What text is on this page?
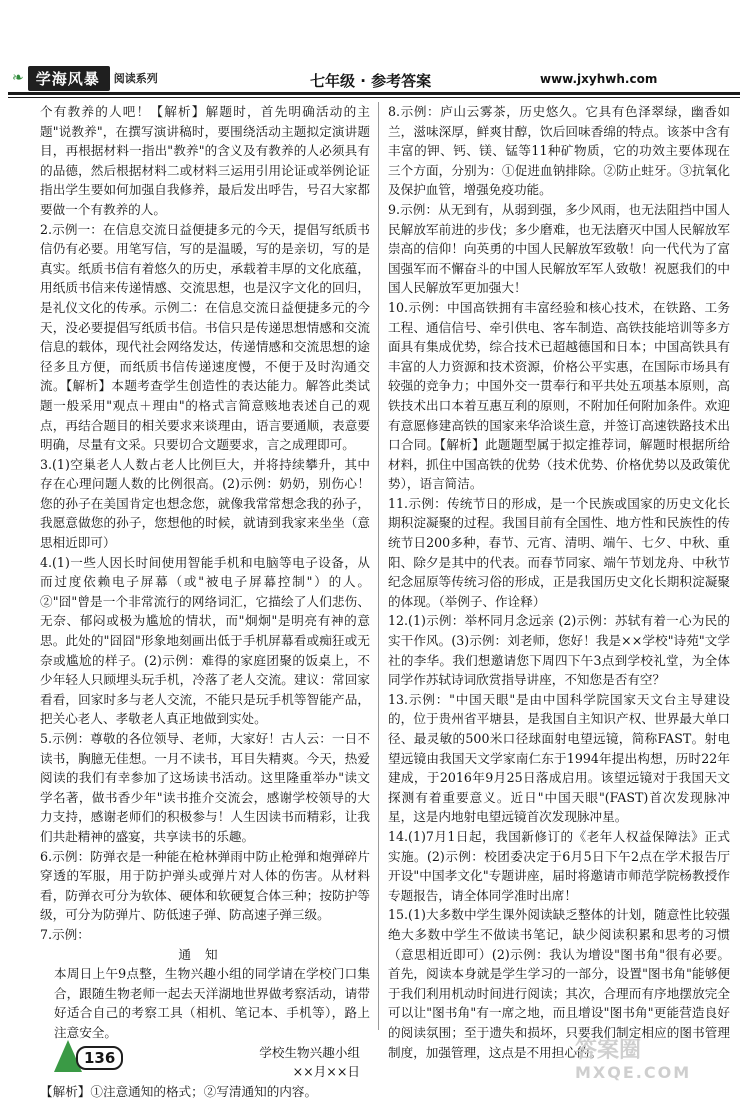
❧ 学海风暴	阅读系列	七年级 · 参考答案	www.jxyhwh.com

个有教养的人吧！【解析】解题时，首先明确活动的主题"说教养"，在撰写演讲稿时，要围绕活动主题拟定演讲题目，再根据材料一指出"教养"的含义及有教养的人必须具有的品德，然后根据材料二或材料三运用引用论证或举例论证指出学生要如何加强自我修养，最后发出呼告，号召大家都要做一个有教养的人。

2.示例一：在信息交流日益便捷多元的今天，提倡写纸质书信仍有必要。用笔写信，写的是温暖，写的是亲切，写的是真实。纸质书信有着悠久的历史，承载着丰厚的文化底蕴，用纸质书信来传递情感、交流思想，也是汉字文化的回归，是礼仪文化的传承。示例二：在信息交流日益便捷多元的今天，没必要提倡写纸质书信。书信只是传递思想情感和交流信息的载体，现代社会网络发达，传递情感和交流思想的途径多且方便，而纸质书信传递速度慢，不便于及时沟通交流。【解析】本题考查学生创造性的表达能力。解答此类试题一般采用"观点＋理由"的格式言简意赅地表述自己的观点，再结合题目的相关要求来谈理由，语言要通顺，表意要明确，尽量有文采。只要切合文题要求，言之成理即可。

3.(1)空巢老人人数占老人比例巨大，并将持续攀升，其中存在心理问题人数的比例很高。(2)示例：奶奶，别伤心！您的孙子在美国肯定也想念您，就像我常常想念我的孙子，我愿意做您的孙子，您想他的时候，就请到我家来坐坐（意思相近即可）

4.(1)一些人因长时间使用智能手机和电脑等电子设备，从而过度依赖电子屏幕（或"被电子屏幕控制"）的人。②"囧"曾是一个非常流行的网络词汇，它描绘了人们悲伤、无奈、郁闷或极为尴尬的情状，而"炯炯"是明亮有神的意思。此处的"囧囧"形象地刻画出低于手机屏幕看或痴狂或无奈或尴尬的样子。(2)示例：难得的家庭团聚的饭桌上，不少年轻人只顾埋头玩手机，冷落了老人交流。建议：常回家看看，回家时多与老人交流，不能只是玩手机等智能产品，把关心老人、孝敬老人真正地做到实处。

5.示例：尊敬的各位领导、老师，大家好！古人云：一日不读书，胸臆无佳想。一月不读书，耳目失精爽。今天，热爱阅读的我们有幸参加了这场读书活动。这里隆重举办"读文学名著，做书香少年"读书推介交流会，感谢学校领导的大力支持，感谢老师们的积极参与！人生因读书而精彩，让我们共赴精神的盛宴，共享读书的乐趣。

6.示例：防弹衣是一种能在枪林弹雨中防止枪弹和炮弹碎片穿透的军服，用于防护弹头或弹片对人体的伤害。从材料看，防弹衣可分为软体、硬体和软硬复合体三种；按防护等级，可分为防弹片、防低速子弹、防高速子弹三级。

7.示例：

通知

本周日上午9点整，生物兴趣小组的同学请在学校门口集合，跟随生物老师一起去天洋湖地世界做考察活动，请带好适合自己的考察工具（相机、笔记本、手机等），路上注意安全。

学校生物兴趣小组

××月××日

【解析】①注意通知的格式；②写清通知的内容。

8.示例：庐山云雾茶，历史悠久。它具有色泽翠绿，幽香如兰，滋味深厚，鲜爽甘醇，饮后回味香绵的特点。该茶中含有丰富的钾、钙、镁、锰等11种矿物质，它的功效主要体现在三个方面，分别为：①促进血钠排除。②防止蛀牙。③抗氧化及保护血管，增强免疫功能。

9.示例：从无到有，从弱到强，多少风雨，也无法阻挡中国人民解放军前进的步伐；多少磨难，也无法磨灭中国人民解放军崇高的信仰！向英勇的中国人民解放军致敬！向一代代为了富国强军而不懈奋斗的中国人民解放军军人致敬！祝愿我们的中国人民解放军更加强大！

10.示例：中国高铁拥有丰富经验和核心技术，在铁路、工务工程、通信信号、牵引供电、客车制造、高铁技能培训等多方面具有集成优势，综合技术已超越德国和日本；中国高铁具有丰富的人力资源和技术资源，价格公平实惠，在国际市场具有较强的竞争力；中国外交一贯奉行和平共处五项基本原则，高铁技术出口本着互惠互利的原则，不附加任何附加条件。欢迎有意愿修建高铁的国家来华洽谈生意，并签订高速铁路技术出口合同。【解析】此题题型属于拟定推荐词，解题时根据所给材料，抓住中国高铁的优势（技术优势、价格优势以及政策优势），语言简洁。

11.示例：传统节日的形成，是一个民族或国家的历史文化长期积淀凝聚的过程。我国目前有全国性、地方性和民族性的传统节日200多种，春节、元宵、清明、端午、七夕、中秋、重阳、除夕是其中的代表。而春节同家、端午节划龙舟、中秋节纪念屈原等传统习俗的形成，正是我国历史文化长期积淀凝聚的体现。（举例子、作诠释）

12.(1)示例：举杯同月念远亲 (2)示例：苏轼有着一心为民的实干作风。(3)示例：刘老师，您好！我是××学校"诗苑"文学社的李华。我们想邀请您下周四下午3点到学校礼堂，为全体同学作苏轼诗词欣赏指导讲座，不知您是否有空？

13.示例："中国天眼"是由中国科学院国家天文台主导建设的，位于贵州省平塘县，是我国自主知识产权、世界最大单口径、最灵敏的500米口径球面射电望远镜，简称FAST。射电望远镜由我国天文学家南仁东于1994年提出构想，历时22年建成，于2016年9月25日落成启用。该望远镜对于我国天文探测有着重要意义。近日"中国天眼"(FAST)首次发现脉冲星，这是内地射电望远镜首次发现脉冲星。

14.(1)7月1日起，我国新修订的《老年人权益保障法》正式实施。(2)示例：校团委决定于6月5日下午2点在学术报告厅开设"中国孝文化"专题讲座，届时将邀请市师范学院杨教授作专题报告，请全体同学准时出席！

15.(1)大多数中学生课外阅读缺乏整体的计划，随意性比较强 绝大多数中学生不做读书笔记，缺少阅读积累和思考的习惯（意思相近即可）(2)示例：我认为增设"图书角"很有必要。首先，阅读本身就是学生学习的一部分，设置"图书角"能够便于我们利用机动时间进行阅读；其次，合理而有序地摆放完全可以让"图书角"有一席之地，而且增设"图书角"更能营造良好的阅读氛围；至于遗失和损坏，只要我们制定相应的图书管理制度，加强管理，这点是不用担心的。

136	答案圈
MXQE.COM
